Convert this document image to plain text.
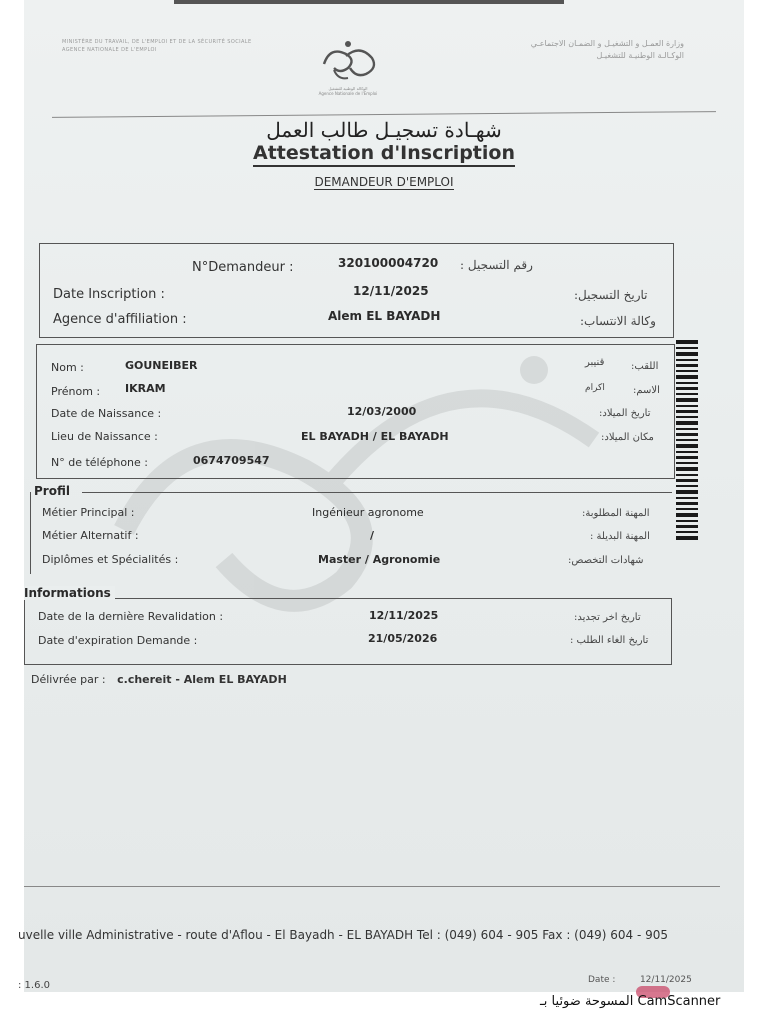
MINISTÈRE DU TRAVAIL, DE L'EMPLOI ET DE LA SÉCURITÉ SOCIALE
AGENCE NATIONALE DE L'EMPLOI
الوكالة الوطنية للتشغيل
Agence Nationale de l'Emploi
وزارة العمـل و التشغيـل و الضمـان الاجتماعـي
الوكـالـة الوطنيـة للتشغيـل
شهـادة تسجيـل طالب العمل
Attestation d'Inscription
DEMANDEUR D'EMPLOI
N°Demandeur :	320100004720 رقم التسجيل :
Date Inscription :	12/11/2025	تاريخ التسجيل:
Agence d'affiliation :	Alem EL BAYADH	وكالة الانتساب:
Nom :	GOUNEIBER	قنيبر	اللقب:
Prénom : IKRAM	اكرام	الاسم:
Date de Naissance :	12/03/2000	تاريخ الميلاد:
Lieu de Naissance :	EL BAYADH / EL BAYADH	مكان الميلاد:
N° de téléphone :	0674709547
Profil
Métier Principal :	Ingénieur agronome	المهنة المطلوبة:
Métier Alternatif :	/	المهنة البديلة :
Diplômes et Spécialités :	Master / Agronomie	شهادات التخصص:
Informations
Date de la dernière Revalidation :	12/11/2025	تاريخ اخر تجديد:
Date d'expiration Demande :	21/05/2026	تاريخ الغاء الطلب :
Délivrée par : c.chereit - Alem EL BAYADH
uvelle ville Administrative - route d'Aflou - El Bayadh - EL BAYADH Tel : (049) 604 - 905 Fax : (049) 604 - 905
: 1.6.0	Date :	12/11/2025
المسوحة ضوئيا بـ CamScanner
